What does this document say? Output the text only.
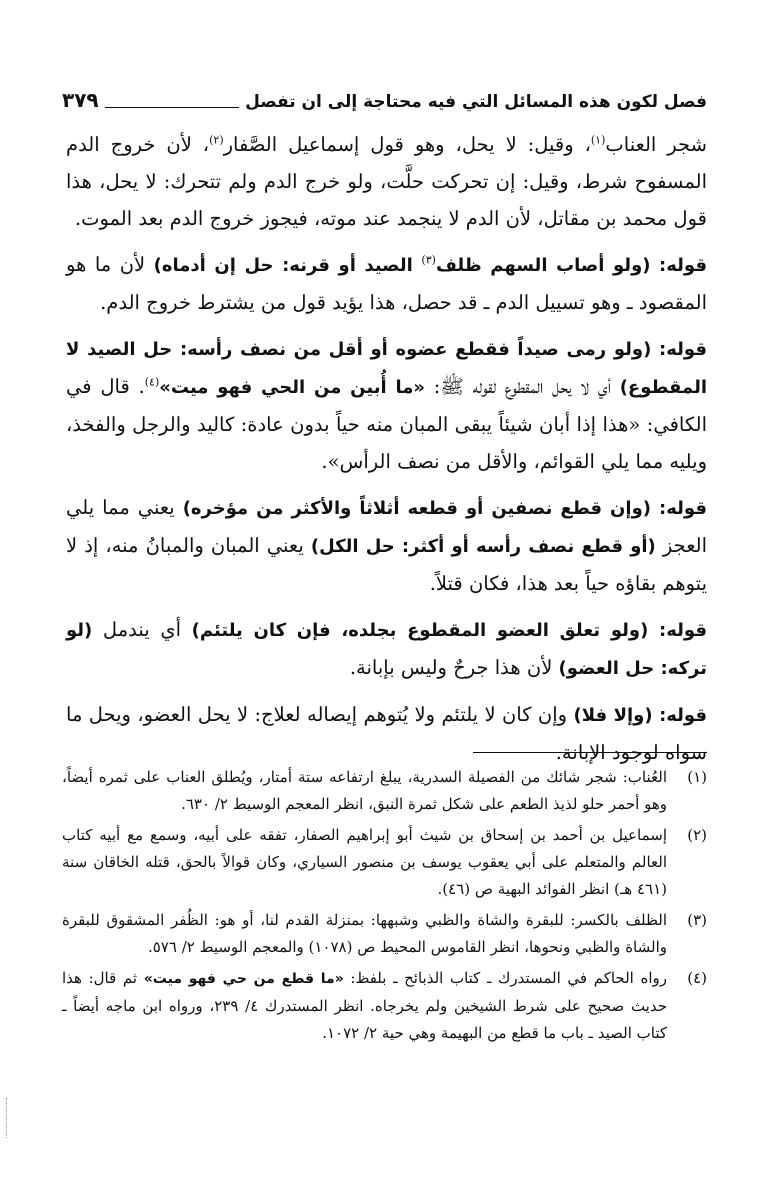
فصل لكون هذه المسائل التي فيه محتاجة إلى ان تفصل
٣٧٩

شجر العناب$^{(١)}$، وقيل: لا يحل، وهو قول إسماعيل الصَّفار$^{(٢)}$، لأن خروج الدم المسفوح شرط، وقيل: إن تحركت حلَّت، ولو خرج الدم ولم تتحرك: لا يحل، هذا قول محمد بن مقاتل، لأن الدم لا ينجمد عند موته، فيجوز خروج الدم بعد الموت.

قوله: (ولو أصاب السهم ظلف$^{(٣)}$ الصيد أو قرنه: حل إن أدماه) لأن ما هو المقصود ـ وهو تسييل الدم ـ قد حصل، هذا يؤيد قول من يشترط خروج الدم.

قوله: (ولو رمى صيداً فقطع عضوه أو أقل من نصف رأسه: حل الصيد لا المقطوع) أي لا يحل المقطوع لقوله ﷺ: «ما أُبين من الحي فهو ميت»$^{(٤)}$. قال في الكافي: «هذا إذا أبان شيئاً يبقى المبان منه حياً بدون عادة: كاليد والرجل والفخذ، ويليه مما يلي القوائم، والأقل من نصف الرأس».

قوله: (وإن قطع نصفين أو قطعه أثلاثاً والأكثر من مؤخره) يعني مما يلي العجز (أو قطع نصف رأسه أو أكثر: حل الكل) يعني المبان والمبانُ منه، إذ لا يتوهم بقاؤه حياً بعد هذا، فكان قتلاً.

قوله: (ولو تعلق العضو المقطوع بجلده، فإن كان يلتئم) أي يندمل (لو تركه: حل العضو) لأن هذا جرحٌ وليس بإبانة.

قوله: (وإلا فلا) وإن كان لا يلتئم ولا يُتوهم إيصاله لعلاج: لا يحل العضو، ويحل ما سواه لوجود الإبانة.

(١)
العُناب: شجر شائك من الفصيلة السدرية، يبلغ ارتفاعه ستة أمتار، ويُطلق العناب على ثمره أيضاً، وهو أحمر حلو لذيذ الطعم على شكل ثمرة النبق، انظر المعجم الوسيط ٢/ ٦٣٠.
(٢)
إسماعيل بن أحمد بن إسحاق بن شيث أبو إبراهيم الصفار، تفقه على أبيه، وسمع مع أبيه كتاب العالم والمتعلم على أبي يعقوب يوسف بن منصور السياري، وكان قوالاً بالحق، قتله الخاقان سنة (٤٦١ هـ) انظر الفوائد البهية ص (٤٦).
(٣)
الظلف بالكسر: للبقرة والشاة والظبي وشبهها: بمنزلة القدم لنا، أو هو: الظُفر المشقوق للبقرة والشاة والظبي ونحوها، انظر القاموس المحيط ص (١٠٧٨) والمعجم الوسيط ٢/ ٥٧٦.
(٤)
رواه الحاكم في المستدرك ـ كتاب الذبائح ـ بلفظ: «ما قطع من حي فهو ميت» ثم قال: هذا حديث صحيح على شرط الشيخين ولم يخرجاه. انظر المستدرك ٤/ ٢٣٩، ورواه ابن ماجه أيضاً ـ كتاب الصيد ـ باب ما قطع من البهيمة وهي حية ٢/ ١٠٧٢.
